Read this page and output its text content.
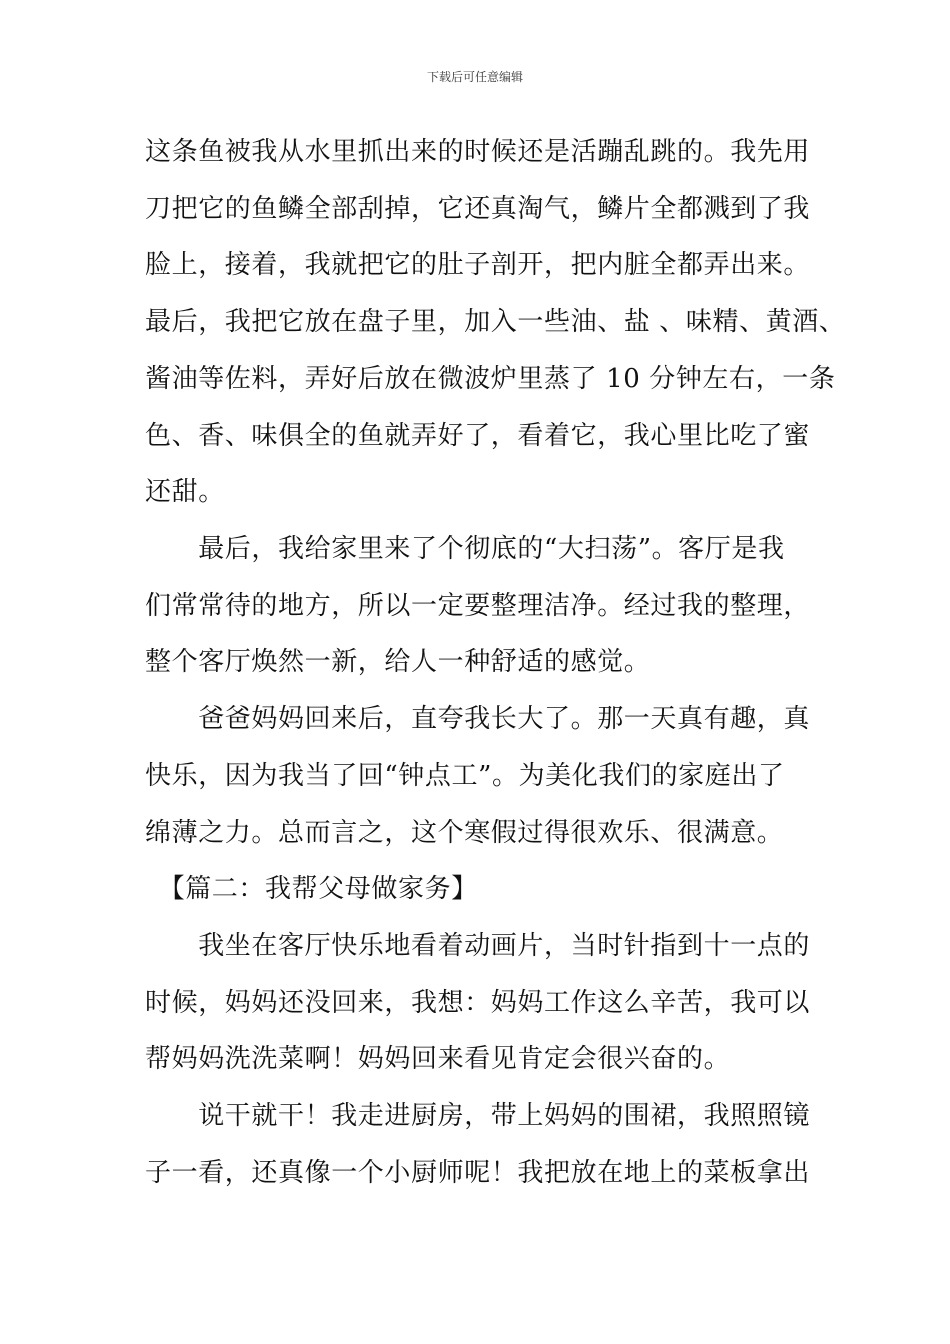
下载后可任意编辑
这条鱼被我从水里抓出来的时候还是活蹦乱跳的。我先用
刀把它的鱼鳞全部刮掉，它还真淘气，鳞片全都溅到了我
脸上，接着，我就把它的肚子剖开，把内脏全都弄出来。
最后，我把它放在盘子里，加入一些油、盐 、味精、黄酒、
酱油等佐料，弄好后放在微波炉里蒸了 10 分钟左右，一条
色、香、味俱全的鱼就弄好了，看着它，我心里比吃了蜜
还甜。
　　最后，我给家里来了个彻底的“大扫荡”。客厅是我
们常常待的地方，所以一定要整理洁净。经过我的整理，
整个客厅焕然一新，给人一种舒适的感觉。
　　爸爸妈妈回来后，直夸我长大了。那一天真有趣，真
快乐，因为我当了回“钟点工”。为美化我们的家庭出了
绵薄之力。总而言之，这个寒假过得很欢乐、很满意。
　【篇二：我帮父母做家务】
　　我坐在客厅快乐地看着动画片，当时针指到十一点的
时候，妈妈还没回来，我想：妈妈工作这么辛苦，我可以
帮妈妈洗洗菜啊！妈妈回来看见肯定会很兴奋的。
　　说干就干！我走进厨房，带上妈妈的围裙，我照照镜
子一看，还真像一个小厨师呢！我把放在地上的菜板拿出
